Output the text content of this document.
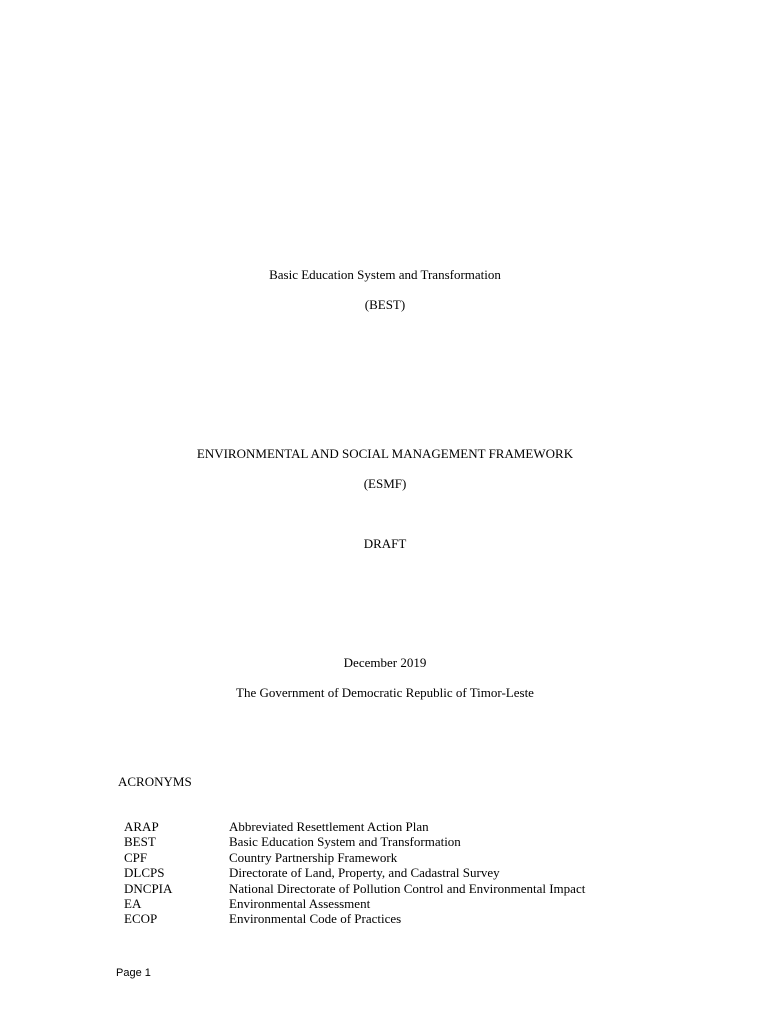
Basic Education System and Transformation
(BEST)
ENVIRONMENTAL AND SOCIAL MANAGEMENT FRAMEWORK
(ESMF)
DRAFT
December 2019
The Government of Democratic Republic of Timor-Leste
ACRONYMS
ARAP	Abbreviated Resettlement Action Plan
BEST	Basic Education System and Transformation
CPF	Country Partnership Framework
DLCPS	Directorate of Land, Property, and Cadastral Survey
DNCPIA	National Directorate of Pollution Control and Environmental Impact
EA	Environmental Assessment
ECOP	Environmental Code of Practices
Page 1
